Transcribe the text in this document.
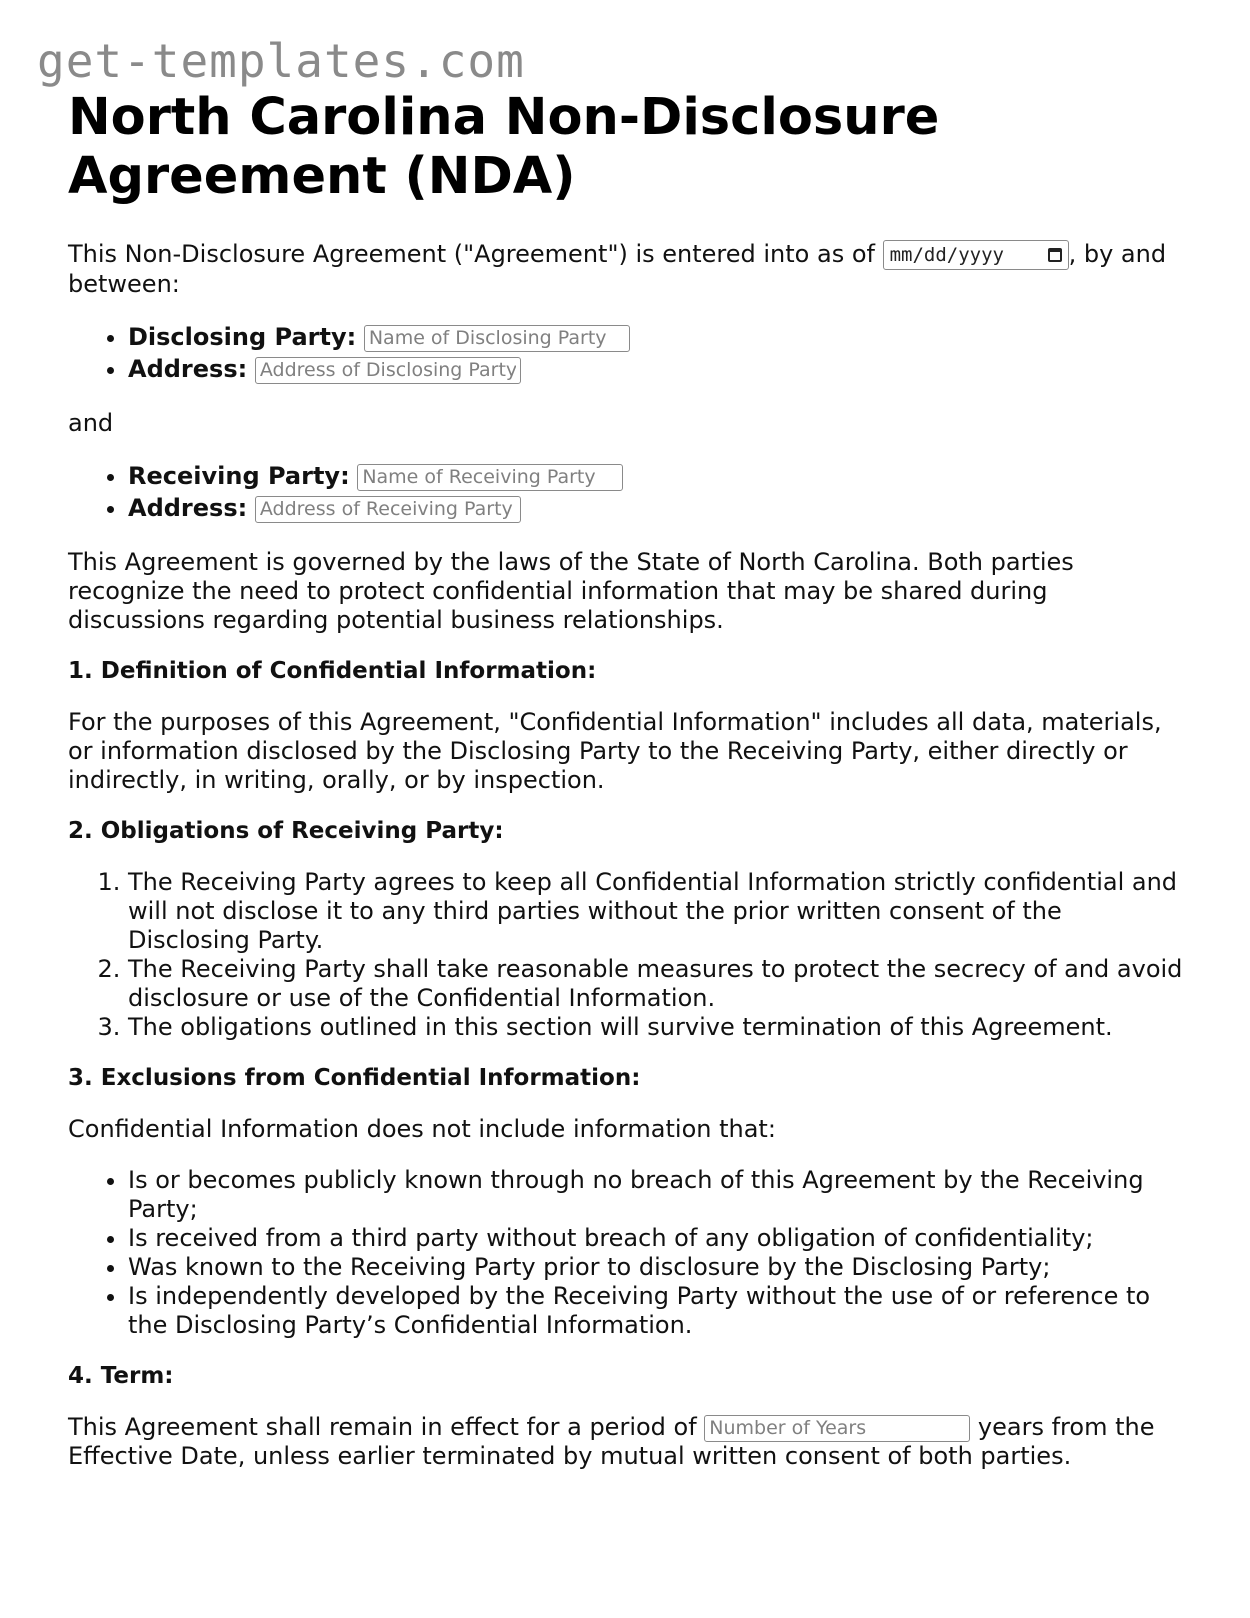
get-templates.com
North Carolina Non-Disclosure Agreement (NDA)

This Non-Disclosure Agreement ("Agreement") is entered into as of mm/dd/yyyy	, by and between:

• Disclosing Party: Name of Disclosing Party
• Address: Address of Disclosing Party

and

• Receiving Party: Name of Receiving Party
• Address: Address of Receiving Party

This Agreement is governed by the laws of the State of North Carolina. Both parties recognize the need to protect confidential information that may be shared during discussions regarding potential business relationships.

1. Definition of Confidential Information:

For the purposes of this Agreement, "Confidential Information" includes all data, materials, or information disclosed by the Disclosing Party to the Receiving Party, either directly or indirectly, in writing, orally, or by inspection.

2. Obligations of Receiving Party:
1. The Receiving Party agrees to keep all Confidential Information strictly confidential and will not disclose it to any third parties without the prior written consent of the Disclosing Party.
2. The Receiving Party shall take reasonable measures to protect the secrecy of and avoid disclosure or use of the Confidential Information.
3. The obligations outlined in this section will survive termination of this Agreement.
3. Exclusions from Confidential Information:

Confidential Information does not include information that:

• Is or becomes publicly known through no breach of this Agreement by the Receiving Party;
• Is received from a third party without breach of any obligation of confidentiality;
• Was known to the Receiving Party prior to disclosure by the Disclosing Party;
• Is independently developed by the Receiving Party without the use of or reference to the Disclosing Party’s Confidential Information.
4. Term:

This Agreement shall remain in effect for a period of Number of Years	years from the Effective Date, unless earlier terminated by mutual written consent of both parties.
